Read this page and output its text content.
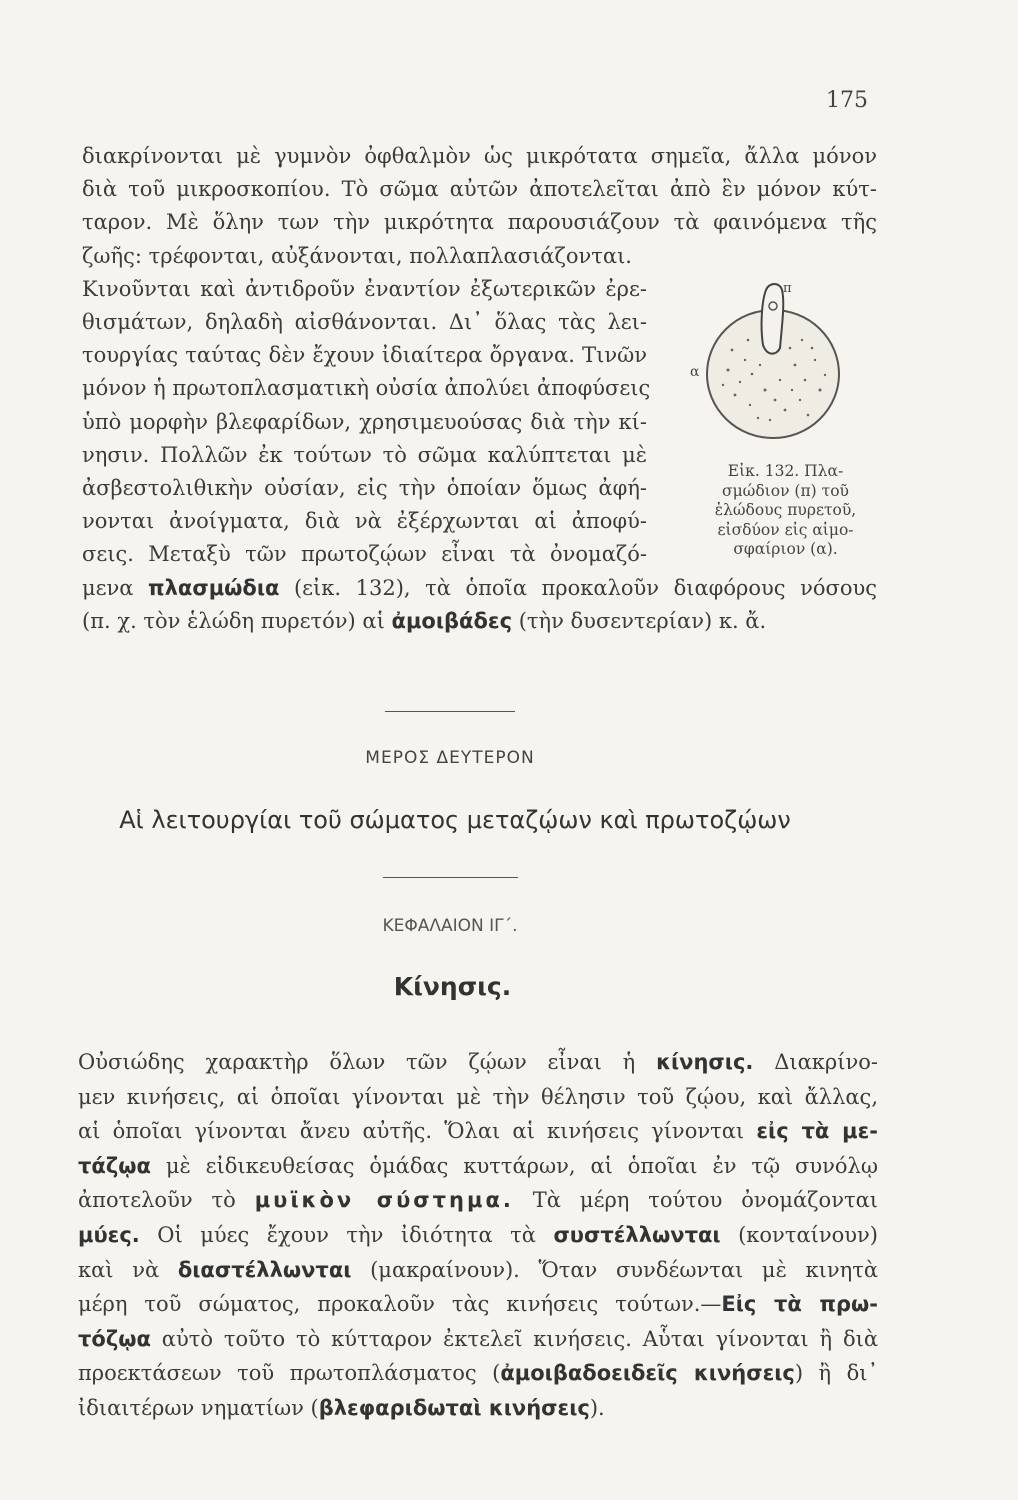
175
διακρίνονται μὲ γυμνὸν ὀφθαλμὸν ὡς μικρότατα σημεῖα, ἄλλα μόνον
διὰ τοῦ μικροσκοπίου. Τὸ σῶμα αὐτῶν ἀποτελεῖται ἀπὸ ἓν μόνον κύτ-
ταρον. Μὲ ὅλην των τὴν μικρότητα παρουσιάζουν τὰ φαινόμενα τῆς
ζωῆς: τρέφονται, αὐξάνονται, πολλαπλασιάζονται.
Κινοῦνται καὶ ἀντιδροῦν ἐναντίον ἐξωτερικῶν ἐρε-
θισμάτων, δηλαδὴ αἰσθάνονται. Δι᾿ ὅλας τὰς λει-
τουργίας ταύτας δὲν ἔχουν ἰδιαίτερα ὄργανα. Τινῶν
μόνον ἡ πρωτοπλασματικὴ οὐσία ἀπολύει ἀποφύσεις
ὑπὸ μορφὴν βλεφαρίδων, χρησιμευούσας διὰ τὴν κί-
νησιν. Πολλῶν ἐκ τούτων τὸ σῶμα καλύπτεται μὲ
ἀσβεστολιθικὴν οὐσίαν, εἰς τὴν ὁποίαν ὅμως ἀφή-
νονται ἀνοίγματα, διὰ νὰ ἐξέρχωνται αἱ ἀποφύ-
σεις. Μεταξὺ τῶν πρωτοζῴων εἶναι τὰ ὀνομαζό-
μενα πλασμώδια (εἰκ. 132), τὰ ὁποῖα προκαλοῦν διαφόρους νόσους
(π. χ. τὸν ἑλώδη πυρετόν) αἱ ἀμοιβάδες (τὴν δυσεντερίαν) κ. ἄ.
π
α
Εἰκ. 132. Πλα-
σμώδιον (π) τοῦ
ἑλώδους πυρετοῦ,
εἰσδύον εἰς αἱμο-
σφαίριον (α).
ΜΕΡΟΣ ΔΕΥΤΕΡΟΝ
Αἱ λειτουργίαι τοῦ σώματος μεταζῴων καὶ πρωτοζῴων
ΚΕΦΑΛΑΙΟΝ ΙΓ΄.
Κίνησις.
Οὐσιώδης χαρακτὴρ ὅλων τῶν ζῴων εἶναι ἡ κίνησις. Διακρίνο-
μεν κινήσεις, αἱ ὁποῖαι γίνονται μὲ τὴν θέλησιν τοῦ ζῴου, καὶ ἄλλας,
αἱ ὁποῖαι γίνονται ἄνευ αὐτῆς. Ὅλαι αἱ κινήσεις γίνονται εἰς τὰ με-
τάζῳα μὲ εἰδικευθείσας ὁμάδας κυττάρων, αἱ ὁποῖαι ἐν τῷ συνόλῳ
ἀποτελοῦν τὸ μυϊκὸν σύστημα. Τὰ μέρη τούτου ὀνομάζονται
μύες. Οἱ μύες ἔχουν τὴν ἰδιότητα τὰ συστέλλωνται (κονταίνουν)
καὶ νὰ διαστέλλωνται (μακραίνουν). Ὅταν συνδέωνται μὲ κινητὰ
μέρη τοῦ σώματος, προκαλοῦν τὰς κινήσεις τούτων.—Εἰς τὰ πρω-
τόζῳα αὐτὸ τοῦτο τὸ κύτταρον ἐκτελεῖ κινήσεις. Αὗται γίνονται ἢ διὰ
προεκτάσεων τοῦ πρωτοπλάσματος (ἀμοιβαδοειδεῖς κινήσεις) ἢ δι᾿
ἰδιαιτέρων νηματίων (βλεφαριδωταὶ κινήσεις).
